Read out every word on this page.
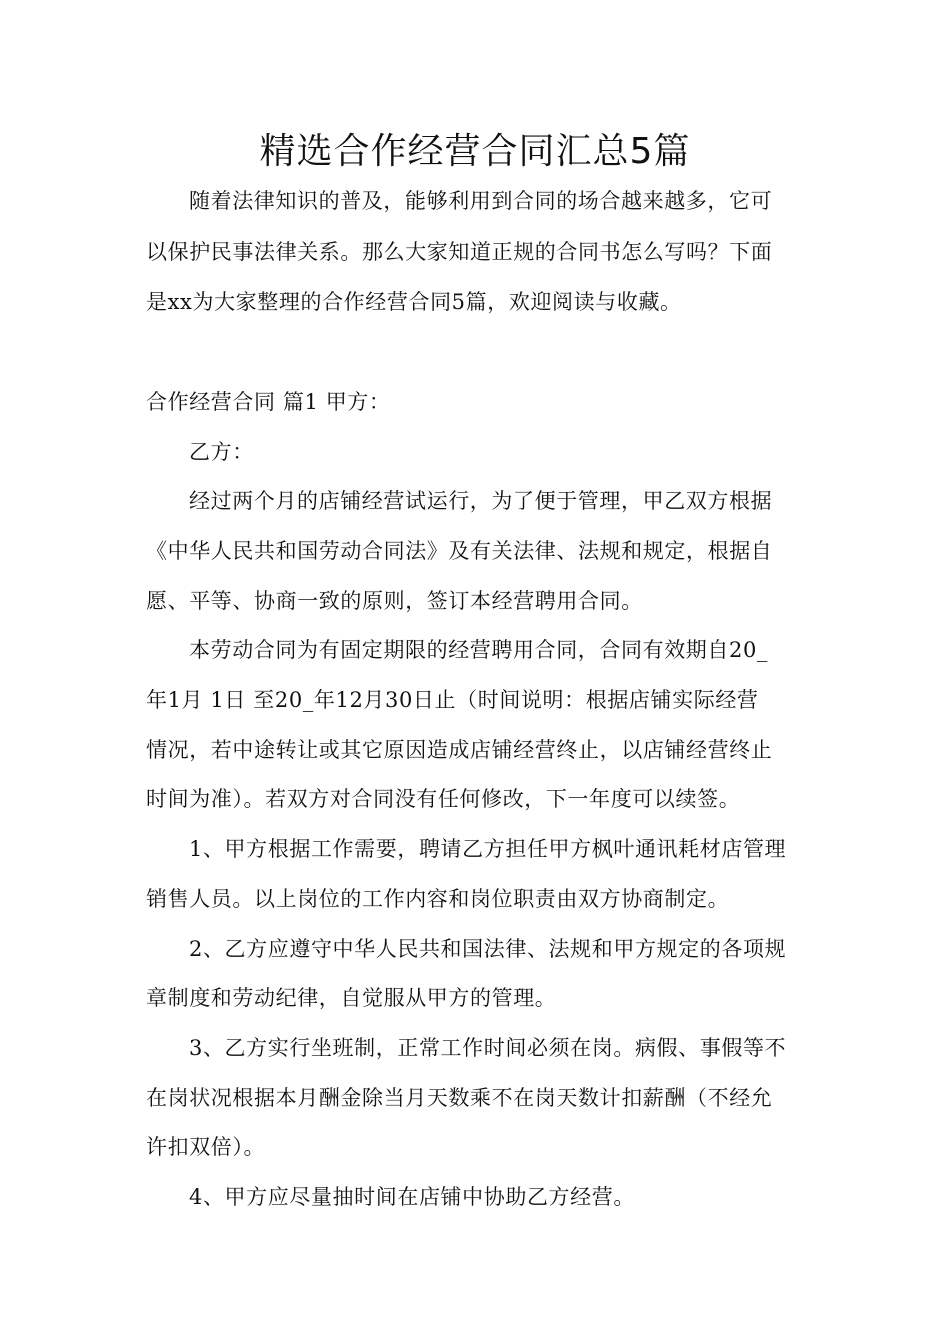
精选合作经营合同汇总5篇
随着法律知识的普及，能够利用到合同的场合越来越多，它可
以保护民事法律关系。那么大家知道正规的合同书怎么写吗？下面
是xx为大家整理的合作经营合同5篇，欢迎阅读与收藏。
合作经营合同 篇1 甲方：
乙方：
经过两个月的店铺经营试运行，为了便于管理，甲乙双方根据
《中华人民共和国劳动合同法》及有关法律、法规和规定，根据自
愿、平等、协商一致的原则，签订本经营聘用合同。
本劳动合同为有固定期限的经营聘用合同，合同有效期自20_
年1月 1日 至20_年12月30日止（时间说明：根据店铺实际经营
情况，若中途转让或其它原因造成店铺经营终止，以店铺经营终止
时间为准）。若双方对合同没有任何修改，下一年度可以续签。
1、甲方根据工作需要，聘请乙方担任甲方枫叶通讯耗材店管理
销售人员。以上岗位的工作内容和岗位职责由双方协商制定。
2、乙方应遵守中华人民共和国法律、法规和甲方规定的各项规
章制度和劳动纪律，自觉服从甲方的管理。
3、乙方实行坐班制，正常工作时间必须在岗。病假、事假等不
在岗状况根据本月酬金除当月天数乘不在岗天数计扣薪酬（不经允
许扣双倍）。
4、甲方应尽量抽时间在店铺中协助乙方经营。
